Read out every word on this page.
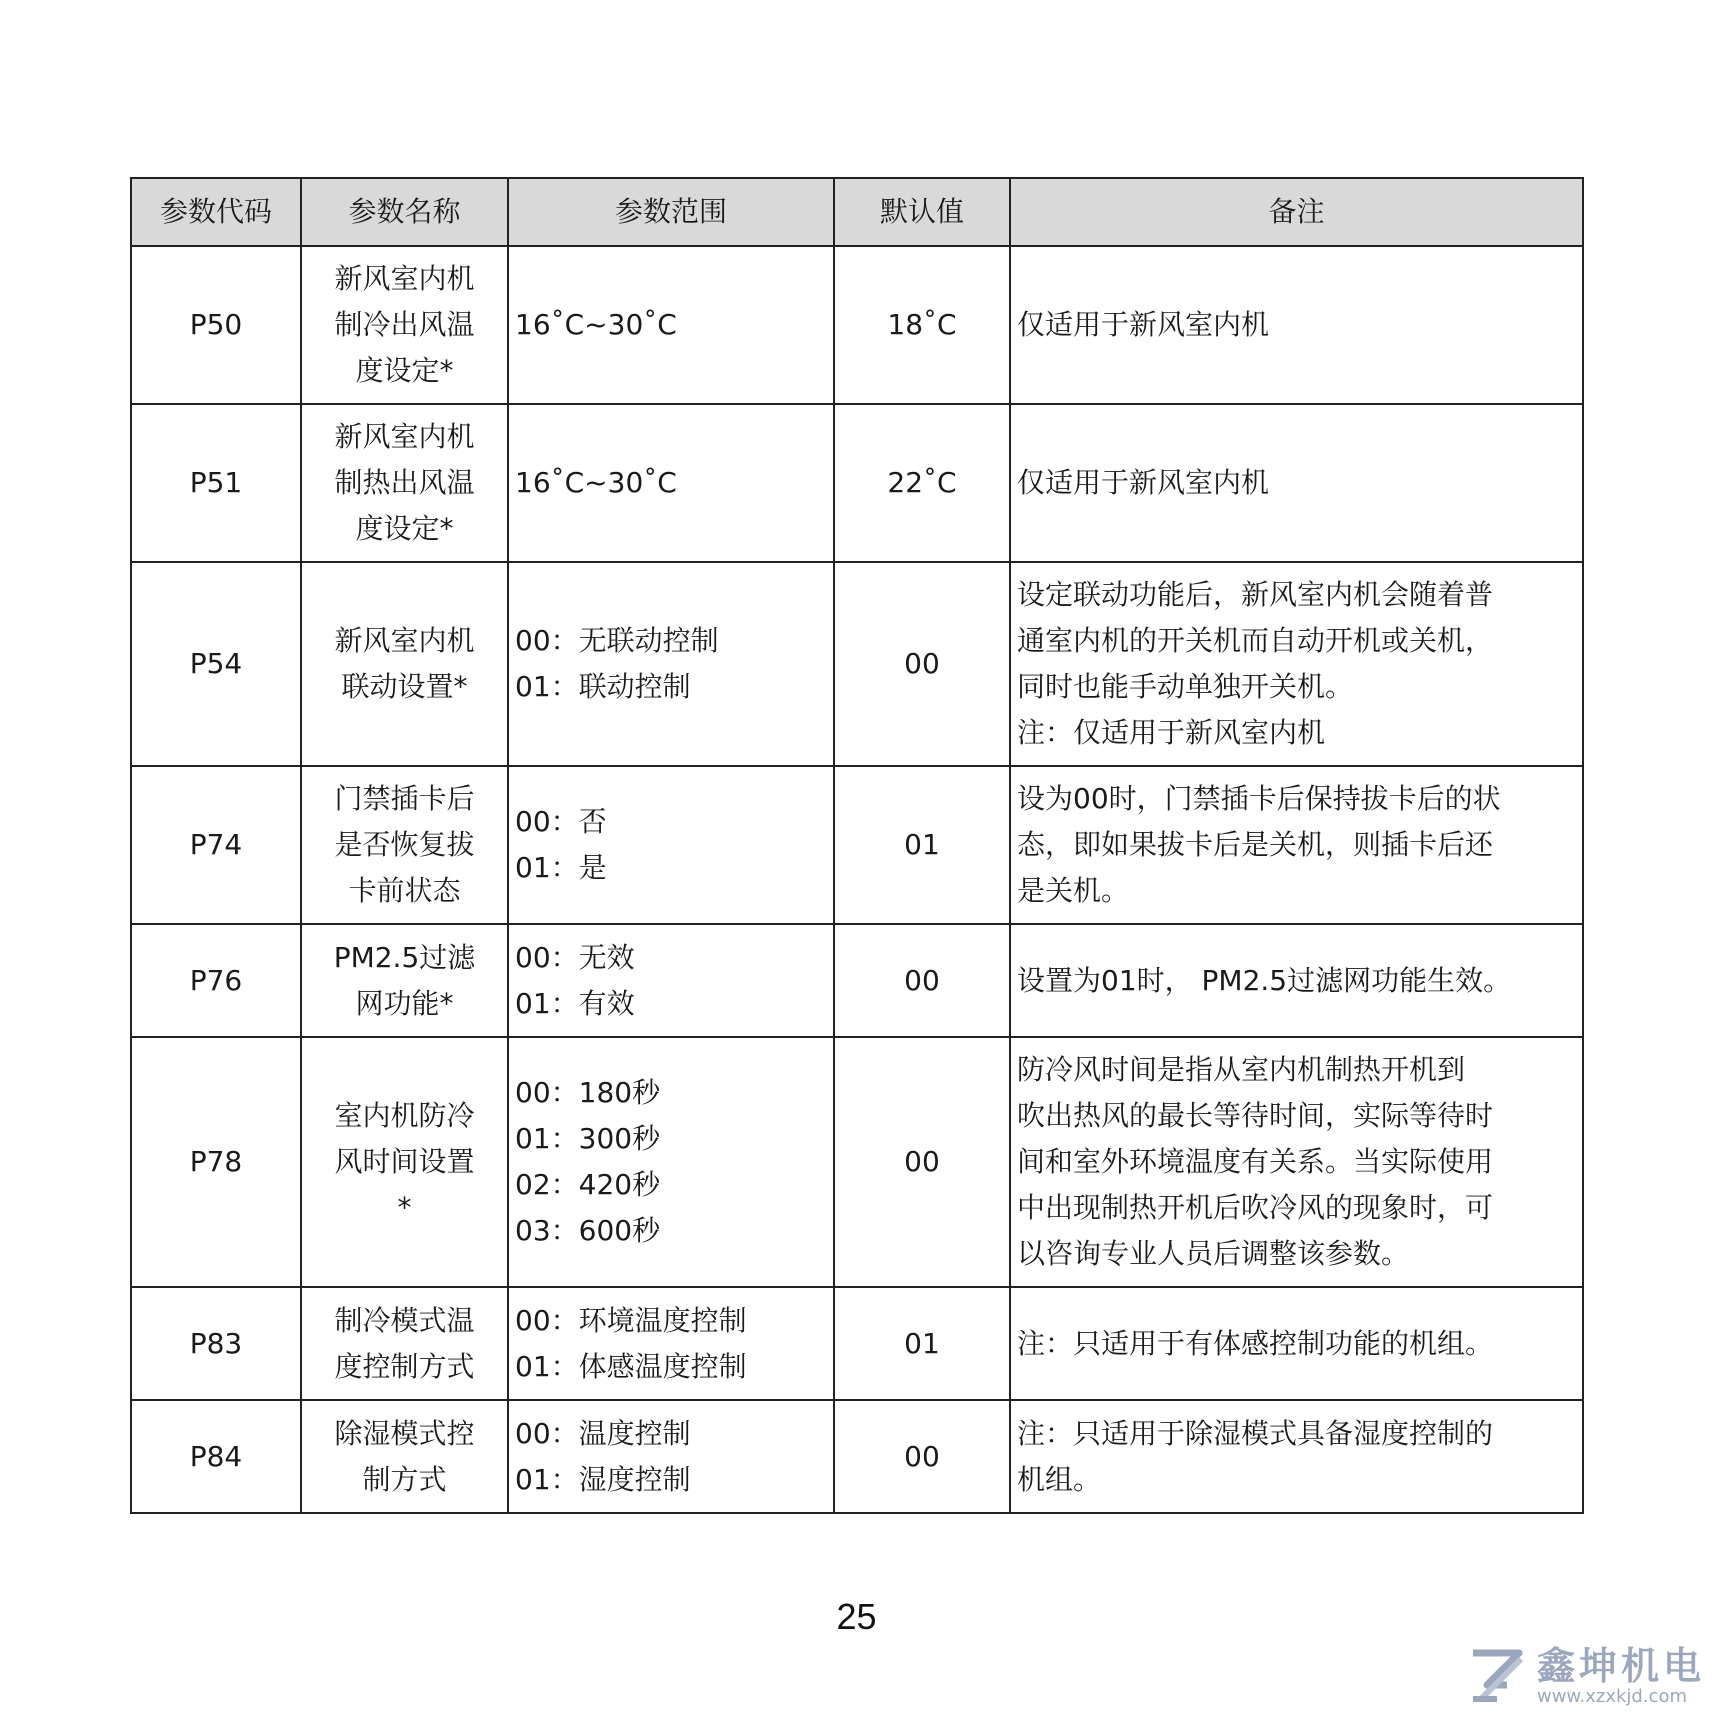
参数代码	参数名称	参数范围	默认值	备注
P50	新风室内机
制冷出风温
度设定*	16˚C~30˚C	18˚C	仅适用于新风室内机

P51	新风室内机
制热出风温
度设定*	16˚C~30˚C	22˚C	仅适用于新风室内机

P54	新风室内机
联动设置*	00：无联动控制
01：联动控制	00	设定联动功能后，新风室内机会随着普
通室内机的开关机而自动开机或关机，
同时也能手动单独开关机。
注：仅适用于新风室内机

P74	门禁插卡后
是否恢复拔
卡前状态	00：否
01：是	01	设为00时，门禁插卡后保持拔卡后的状
态，即如果拔卡后是关机，则插卡后还
是关机。

P76	PM2.5过滤
网功能*	00：无效
01：有效	00	设置为01时， PM2.5过滤网功能生效。

P78	室内机防冷
风时间设置
*	00：180秒
01：300秒
02：420秒
03：600秒	00	防冷风时间是指从室内机制热开机到
吹出热风的最长等待时间，实际等待时
间和室外环境温度有关系。当实际使用
中出现制热开机后吹冷风的现象时，可
以咨询专业人员后调整该参数。

P83	制冷模式温
度控制方式	00：环境温度控制
01：体感温度控制	01	注：只适用于有体感控制功能的机组。

P84	除湿模式控
制方式	00：温度控制
01：湿度控制	00	注：只适用于除湿模式具备湿度控制的
机组。
25
鑫坤机电
www.xzxkjd.com
